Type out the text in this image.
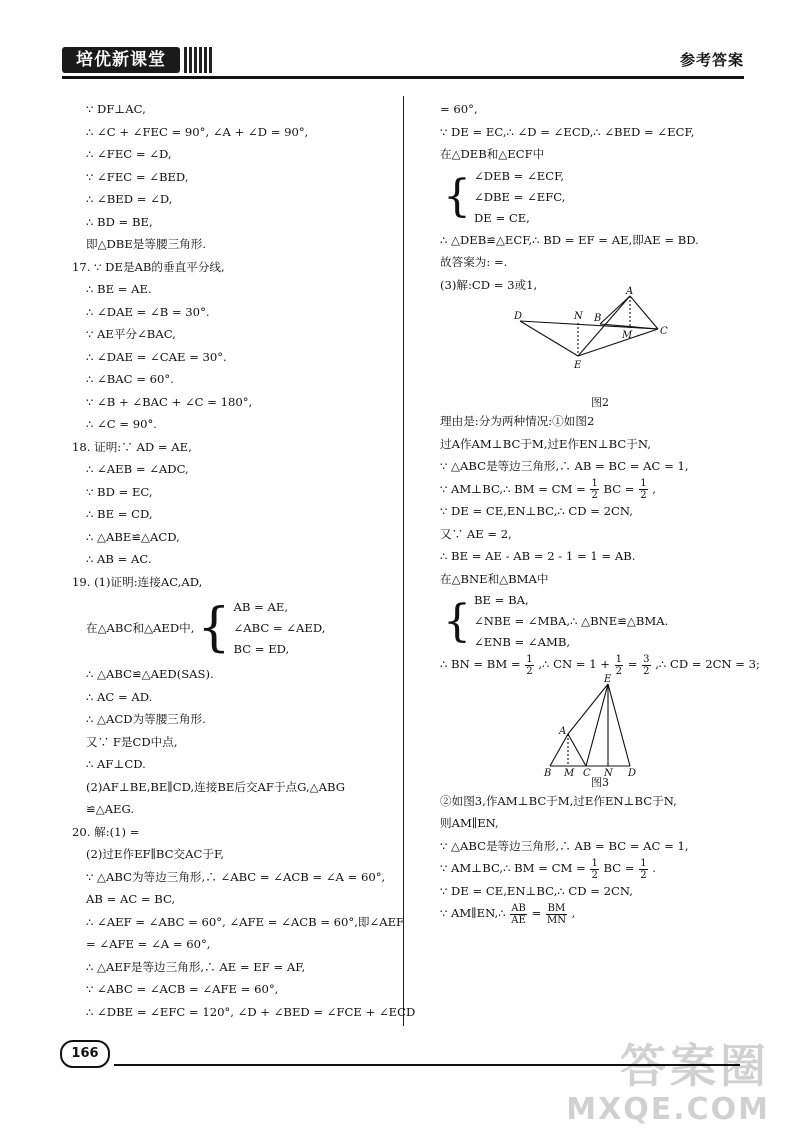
培优新课堂	参考答案
∵ DF⊥AC,
∴ ∠C + ∠FEC = 90°, ∠A + ∠D = 90°,
∴ ∠FEC = ∠D,
∵ ∠FEC = ∠BED,
∴ ∠BED = ∠D,
∴ BD = BE,
即△DBE是等腰三角形.
17. ∵ DE是AB的垂直平分线,
∴ BE = AE.
∴ ∠DAE = ∠B = 30°.
∵ AE平分∠BAC,
∴ ∠DAE = ∠CAE = 30°.
∴ ∠BAC = 60°.
∵ ∠B + ∠BAC + ∠C = 180°,
∴ ∠C = 90°.
18. 证明:∵ AD = AE,
∴ ∠AEB = ∠ADC,
∵ BD = EC,
∴ BE = CD,
∴ △ABE≌△ACD,
∴ AB = AC.
19. (1)证明:连接AC,AD,
在△ABC和△AED中, { AB = AE,
∠ABC = ∠AED,
BC = ED,
∴ △ABC≌△AED(SAS).
∴ AC = AD.
∴ △ACD为等腰三角形.
又∵ F是CD中点,
∴ AF⊥CD.
(2)AF⊥BE,BE∥CD,连接BE后交AF于点G,△ABG
≌△AEG.
20. 解:(1) =
(2)过E作EF∥BC交AC于F,
∵ △ABC为等边三角形,∴ ∠ABC = ∠ACB = ∠A = 60°,
AB = AC = BC,
∴ ∠AEF = ∠ABC = 60°, ∠AFE = ∠ACB = 60°,即∠AEF
= ∠AFE = ∠A = 60°,
∴ △AEF是等边三角形,∴ AE = EF = AF,
∵ ∠ABC = ∠ACB = ∠AFE = 60°,
∴ ∠DBE = ∠EFC = 120°, ∠D + ∠BED = ∠FCE + ∠ECD
= 60°,
∵ DE = EC,∴ ∠D = ∠ECD,∴ ∠BED = ∠ECF,
在△DEB和△ECF中
{ ∠DEB = ∠ECF,
∠DBE = ∠EFC,
DE = CE,
∴ △DEB≌△ECF,∴ BD = EF = AE,即AE = BD.
故答案为: =.
(3)解:CD = 3或1,	A
D	N B
M	C
E
图2
理由是:分为两种情况:①如图2
过A作AM⊥BC于M,过E作EN⊥BC于N,
∵ △ABC是等边三角形,∴ AB = BC = AC = 1,
∵ AM⊥BC,∴ BM = CM = $\frac{1}{2}$ BC = $\frac{1}{2}$ ,
∵ DE = CE,EN⊥BC,∴ CD = 2CN,
又∵ AE = 2,
∴ BE = AE - AB = 2 - 1 = 1 = AB.
在△BNE和△BMA中
{ BE = BA,
∠NBE = ∠MBA,∴ △BNE≌△BMA.
∠ENB = ∠AMB,
∴ BN = BM = $\frac{1}{2}$ ,∴ CN = $1 + \frac{1}{2} = \frac{3}{2}$ ,∴ CD = 2CN = 3;
E
A
B M C N D
图3
②如图3,作AM⊥BC于M,过E作EN⊥BC于N,
则AM∥EN,
∵ △ABC是等边三角形,∴ AB = BC = AC = 1,
∵ AM⊥BC,∴ BM = CM = $\frac{1}{2}$ BC = $\frac{1}{2}$ .
∵ DE = CE,EN⊥BC,∴ CD = 2CN,
∵ AM∥EN,∴ $\frac{AB}{AE} = \frac{BM}{MN}$ ,
166	答案圈
MXQE.COM
